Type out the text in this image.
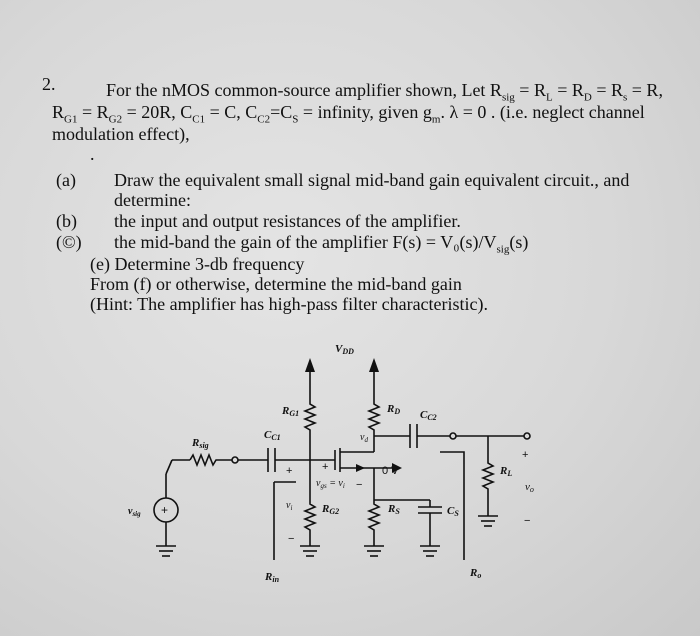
2.	For the nMOS common-source amplifier shown, Let $R_{sig} = R_L = R_D = R_s = R$,
$R_{G1} = R_{G2} = 20R$, $C_{C1} = C$, $C_{C2}=C_S$ = infinity, given $g_m$. λ = 0 . (i.e. neglect channel
modulation effect),
.
(a) Draw the equivalent small signal mid-band gain equivalent circuit., and
determine:
(b) the input and output resistances of the amplifier.
(©) the mid-band the gain of the amplifier $F(s) = V_0(s)/V_{sig}(s)$
(e) Determine 3-db frequency
From (f) or otherwise, determine the mid-band gain
(Hint: The amplifier has high-pass filter characteristic).
+
VDD
RG1	RD CC2
Rsig
CC1	$v_d$
0 V
+	+
$v_{gs} = v_i$ −
$v_{sig}$
$v_i$
−
RG2	RS	CS
+
RL
vo
−
Rin
Ro
